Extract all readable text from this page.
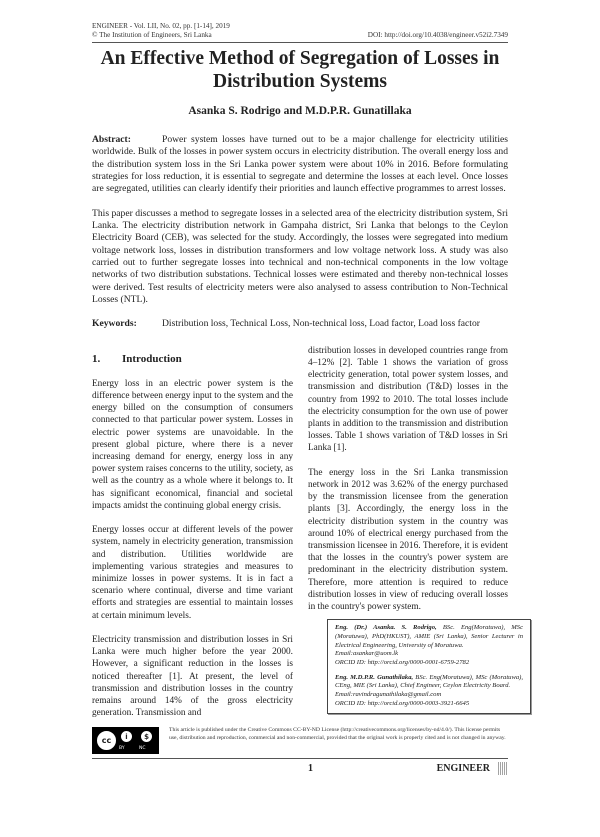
ENGINEER - Vol. LII, No. 02, pp. [1-14], 2019
© The Institution of Engineers, Sri Lanka	DOI: http://doi.org/10.4038/engineer.v52i2.7349
An Effective Method of Segregation of Losses in
Distribution Systems
Asanka S. Rodrigo and M.D.P.R. Gunatillaka

Abstract:	Power system losses have turned out to be a major challenge for electricity utilities worldwide. Bulk of the losses in power system occurs in electricity distribution. The overall energy loss and the distribution system loss in the Sri Lanka power system were about 10% in 2016. Before formulating strategies for loss reduction, it is essential to segregate and determine the losses at each level. Once losses are segregated, utilities can clearly identify their priorities and launch effective programmes to arrest losses.

This paper discusses a method to segregate losses in a selected area of the electricity distribution system, Sri Lanka. The electricity distribution network in Gampaha district, Sri Lanka that belongs to the Ceylon Electricity Board (CEB), was selected for the study. Accordingly, the losses were segregated into medium voltage network loss, losses in distribution transformers and low voltage network loss. A study was also carried out to further segregate losses into technical and non-technical components in the low voltage networks of two distribution substations. Technical losses were estimated and thereby non-technical losses were derived. Test results of electricity meters were also analysed to assess contribution to Non-Technical Losses (NTL).

Keywords:	Distribution loss, Technical Loss, Non-technical loss, Load factor, Load loss factor
1. Introduction

Energy loss in an electric power system is the difference between energy input to the system and the energy billed on the consumption of consumers connected to that particular power system. Losses in electric power systems are unavoidable. In the present global picture, where there is a never increasing demand for energy, energy loss in any power system raises concerns to the utility, society, as well as the country as a whole where it belongs to. It has significant economical, financial and societal impacts amidst the continuing global energy crisis.

Energy losses occur at different levels of the power system, namely in electricity generation, transmission and distribution. Utilities worldwide are implementing various strategies and measures to minimize losses in power systems. It is in fact a scenario where continual, diverse and time variant efforts and strategies are essential to maintain losses at certain minimum levels.

Electricity transmission and distribution losses in Sri Lanka were much higher before the year 2000. However, a significant reduction in the losses is noticed thereafter [1]. At present, the level of transmission and distribution losses in the country remains around 14% of the gross electricity generation. Transmission and

distribution losses in developed countries range from 4–12% [2]. Table 1 shows the variation of gross electricity generation, total power system losses, and transmission and distribution (T&D) losses in the country from 1992 to 2010. The total losses include the electricity consumption for the own use of power plants in addition to the transmission and distribution losses. Table 1 shows variation of T&D losses in Sri Lanka [1].

The energy loss in the Sri Lanka transmission network in 2012 was 3.62% of the energy purchased by the transmission licensee from the generation plants [3]. Accordingly, the energy loss in the electricity distribution system in the country was around 10% of electrical energy purchased from the transmission licensee in 2016. Therefore, it is evident that the losses in the country's power system are predominant in the electricity distribution system. Therefore, more attention is required to reduce distribution losses in view of reducing overall losses in the country's power system.

Eng. (Dr.) Asanka. S. Rodrigo, BSc. Eng(Moratuwa), MSc (Moratuwa), PhD(HKUST), AMIE (Sri Lanka), Senior Lecturer in Electrical Engineering, University of Moratuwa.
Email:asankar@uom.lk
ORCID ID: http://orcid.org/0000-0001-6759-2782

Eng. M.D.P.R. Gunathilaka, BSc. Eng(Moratuwa), MSc (Moratuwa), CEng, MIE (Sri Lanka), Chief Engineer, Ceylon Electricity Board.
Email:ravindragunathilaka@gmail.com
ORCID ID: http://orcid.org/0000-0003-3921-6645

cc	i	$
BY	NC
This article is published under the Creative Commons CC-BY-ND License (http://creativecommons.org/licenses/by-nd/4.0/). This license permits use, distribution and reproduction, commercial and non-commercial, provided that the original work is properly cited and is not changed in anyway.
1	ENGINEER
